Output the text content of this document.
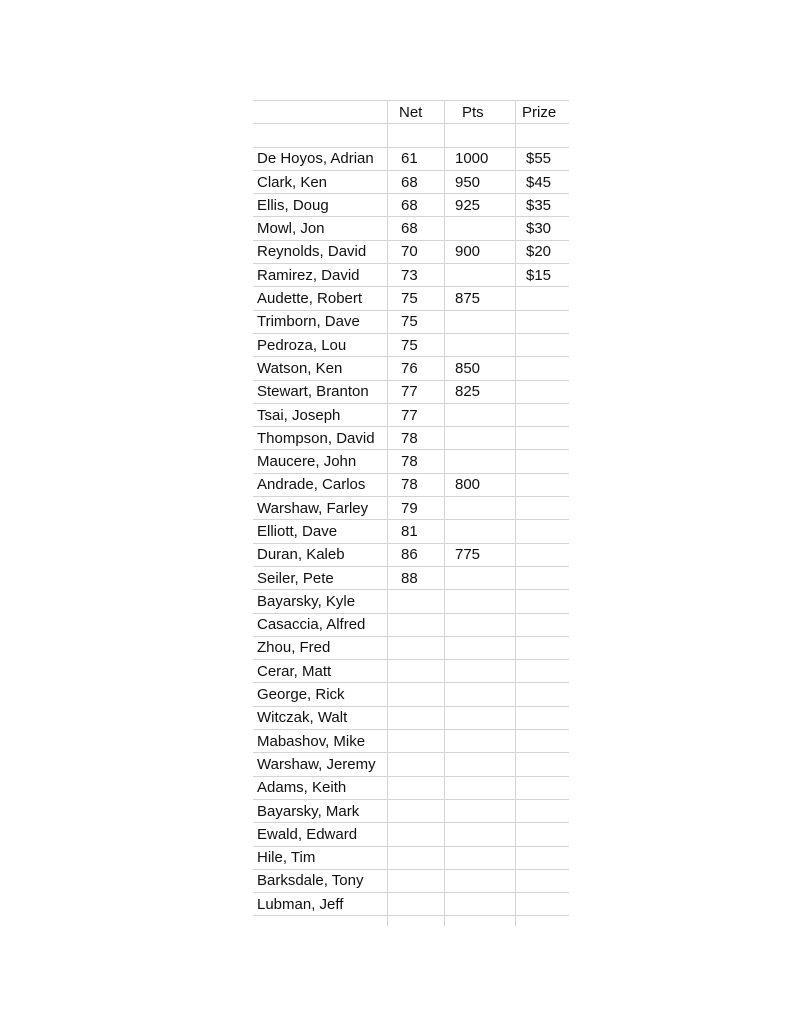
	Net	Pts	Prize

De Hoyos, Adrian	61	1000	$55
Clark, Ken	68	950	$45
Ellis, Doug	68	925	$35
Mowl, Jon	68		$30
Reynolds, David	70	900	$20
Ramirez, David	73		$15
Audette, Robert	75	875	
Trimborn, Dave	75		
Pedroza, Lou	75		
Watson, Ken	76	850	
Stewart, Branton	77	825	
Tsai, Joseph	77		
Thompson, David	78		
Maucere, John	78		
Andrade, Carlos	78	800	
Warshaw, Farley	79		
Elliott, Dave	81		
Duran, Kaleb	86	775	
Seiler, Pete	88		
Bayarsky, Kyle			
Casaccia, Alfred			
Zhou, Fred			
Cerar, Matt			
George, Rick			
Witczak, Walt			
Mabashov, Mike			
Warshaw, Jeremy			
Adams, Keith			
Bayarsky, Mark			
Ewald, Edward			
Hile, Tim			
Barksdale, Tony			
Lubman, Jeff			
